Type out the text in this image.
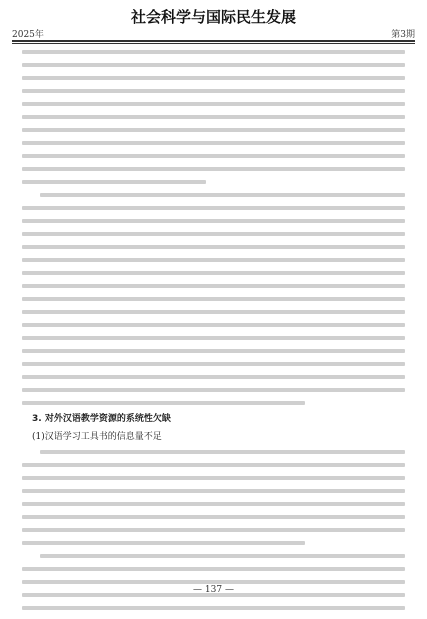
社会科学与国际民生发展
2025年	第3期
3. 对外汉语教学资源的系统性欠缺
(1)汉语学习工具书的信息量不足
— 137 —
